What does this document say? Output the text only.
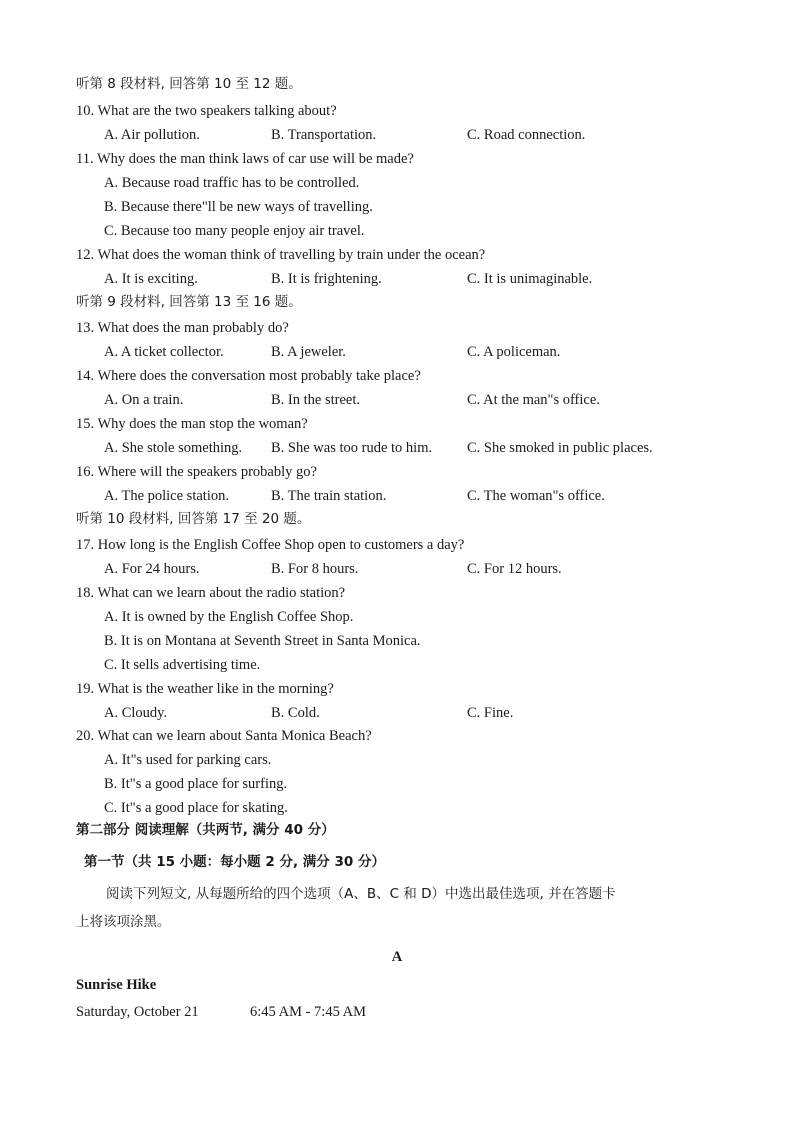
听第 8 段材料, 回答第 10 至 12 题。
10. What are the two speakers talking about?
A. Air pollution.	B. Transportation.	C. Road connection.
11. Why does the man think laws of car use will be made?
A. Because road traffic has to be controlled.
B. Because there"ll be new ways of travelling.
C. Because too many people enjoy air travel.
12. What does the woman think of travelling by train under the ocean?
A. It is exciting.	B. It is frightening.	C. It is unimaginable.
听第 9 段材料, 回答第 13 至 16 题。
13. What does the man probably do?
A. A ticket collector.	B. A jeweler.	C. A policeman.
14. Where does the conversation most probably take place?
A. On a train.	B. In the street.	C. At the man"s office.
15. Why does the man stop the woman?
A. She stole something. B. She was too rude to him. C. She smoked in public places.
16. Where will the speakers probably go?
A. The police station.	B. The train station.	C. The woman"s office.
听第 10 段材料, 回答第 17 至 20 题。
17. How long is the English Coffee Shop open to customers a day?
A. For 24 hours.	B. For 8 hours.	C. For 12 hours.
18. What can we learn about the radio station?
A. It is owned by the English Coffee Shop.
B. It is on Montana at Seventh Street in Santa Monica.
C. It sells advertising time.
19. What is the weather like in the morning?
A. Cloudy.	B. Cold.	C. Fine.
20. What can we learn about Santa Monica Beach?
A. It"s used for parking cars.
B. It"s a good place for surfing.
C. It"s a good place for skating.
第二部分 阅读理解（共两节, 满分 40 分）
第一节（共 15 小题：每小题 2 分, 满分 30 分）
阅读下列短文, 从每题所给的四个选项（A、B、C 和 D）中选出最佳选项, 并在答题卡
上将该项涂黑。
A
Sunrise Hike
Saturday, October 21	6:45 AM - 7:45 AM
